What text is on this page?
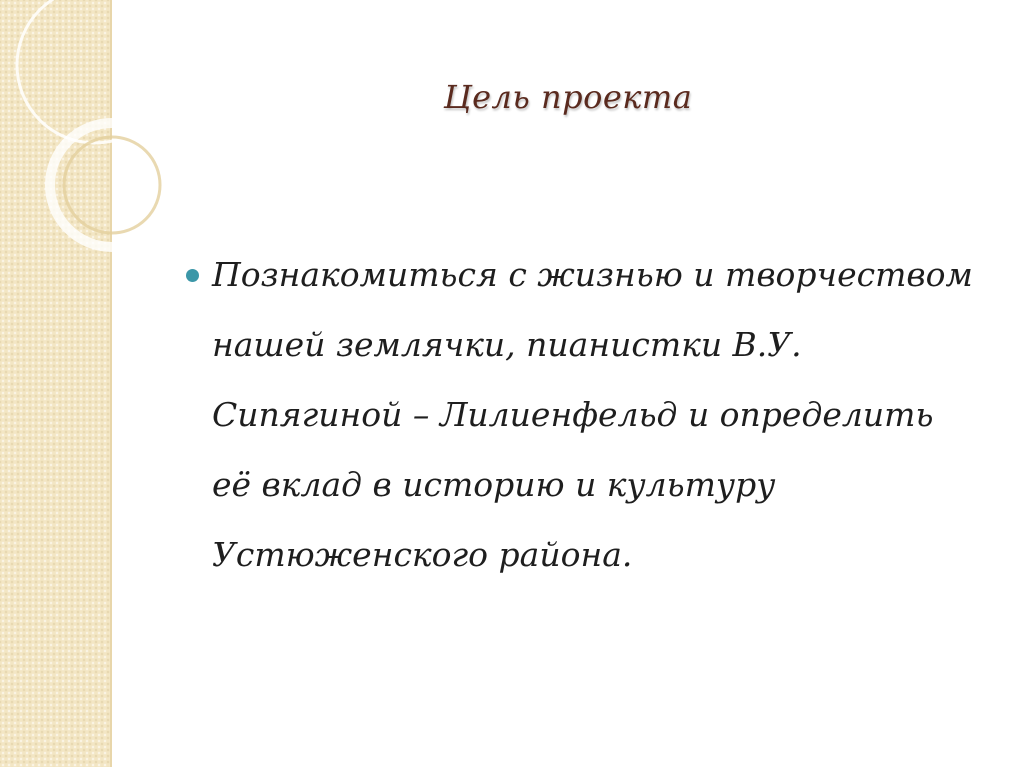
Цель проекта
Познакомиться с жизнью и творчеством
нашей землячки, пианистки В.У.
Сипягиной – Лилиенфельд и определить
её вклад в историю и культуру
Устюженского района.
